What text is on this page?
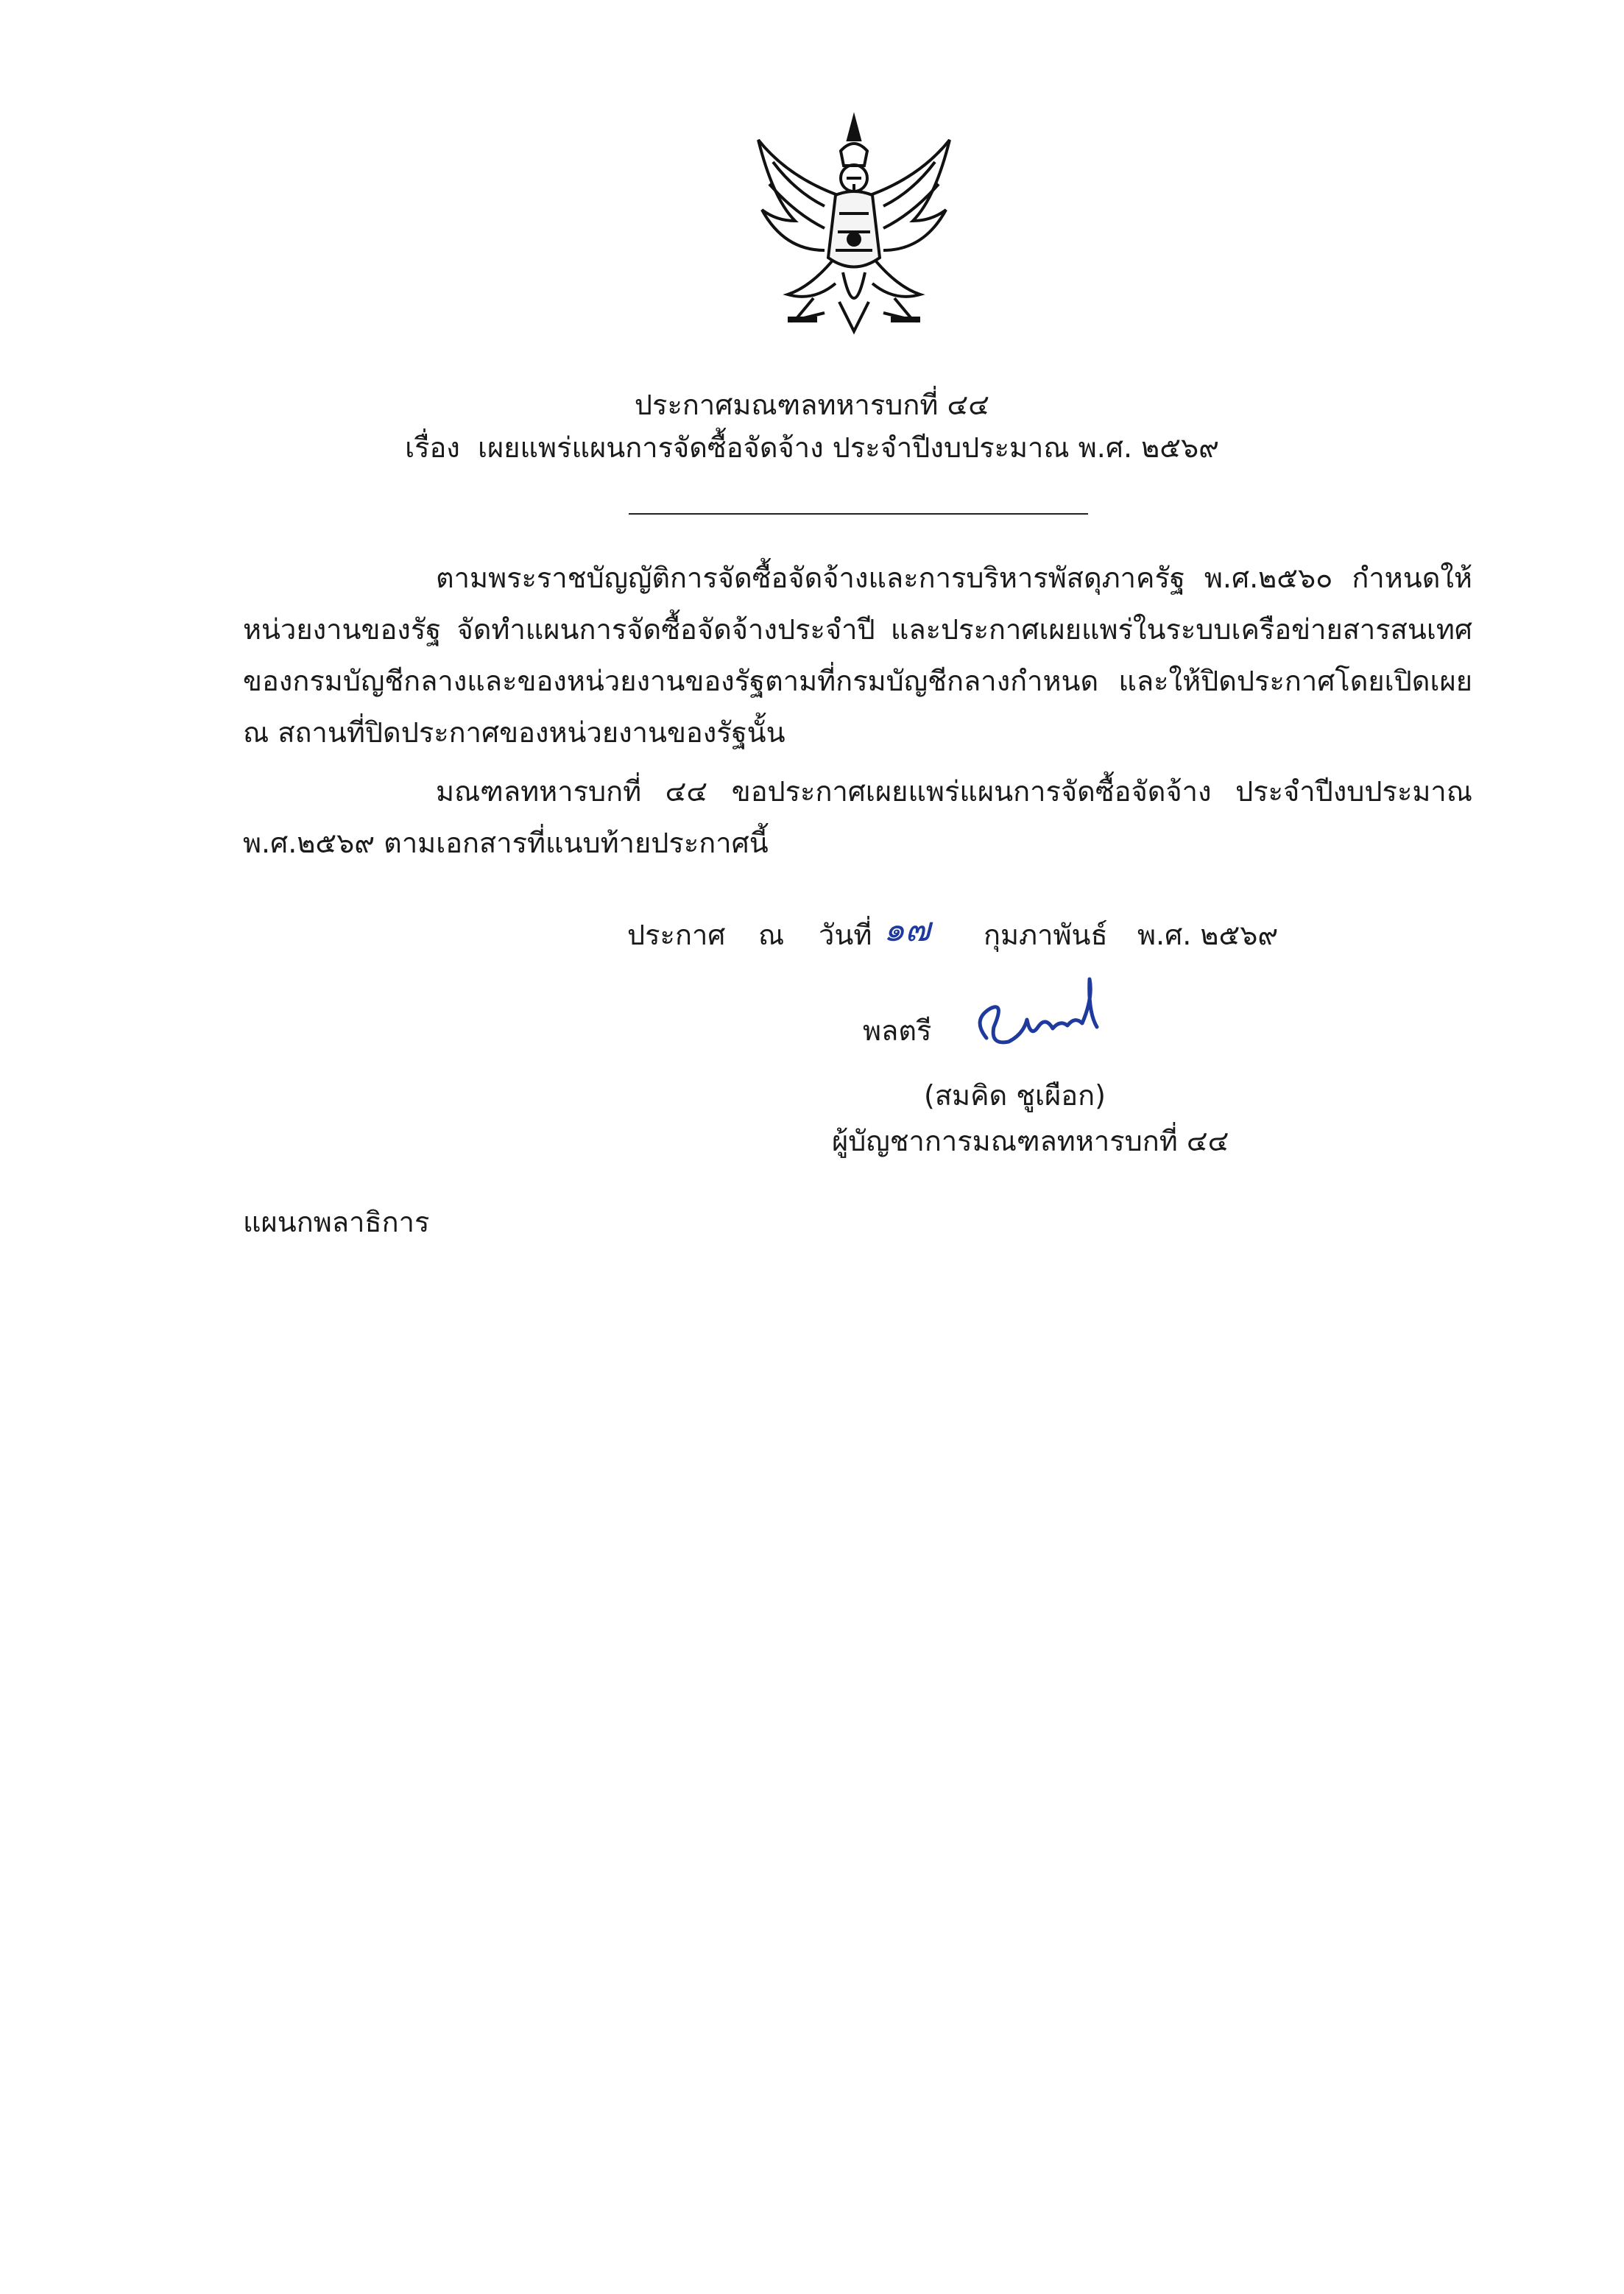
ประกาศมณฑลทหารบกที่ ๔๔
เรื่อง เผยแพร่แผนการจัดซื้อจัดจ้าง ประจำปีงบประมาณ พ.ศ. ๒๕๖๙
ตามพระราชบัญญัติการจัดซื้อจัดจ้างและการบริหารพัสดุภาครัฐ พ.ศ.๒๕๖๐ กำหนดให้
หน่วยงานของรัฐ จัดทำแผนการจัดซื้อจัดจ้างประจำปี และประกาศเผยแพร่ในระบบเครือข่ายสารสนเทศ
ของกรมบัญชีกลางและของหน่วยงานของรัฐตามที่กรมบัญชีกลางกำหนด และให้ปิดประกาศโดยเปิดเผย
ณ สถานที่ปิดประกาศของหน่วยงานของรัฐนั้น
มณฑลทหารบกที่ ๔๔ ขอประกาศเผยแพร่แผนการจัดซื้อจัดจ้าง ประจำปีงบประมาณ
พ.ศ.๒๕๖๙ ตามเอกสารที่แนบท้ายประกาศนี้
ประกาศ ณ วันที่ ๑๗ กุมภาพันธ์ พ.ศ. ๒๕๖๙
พลตรี
(สมคิด ชูเผือก)
ผู้บัญชาการมณฑลทหารบกที่ ๔๔
แผนกพลาธิการ
